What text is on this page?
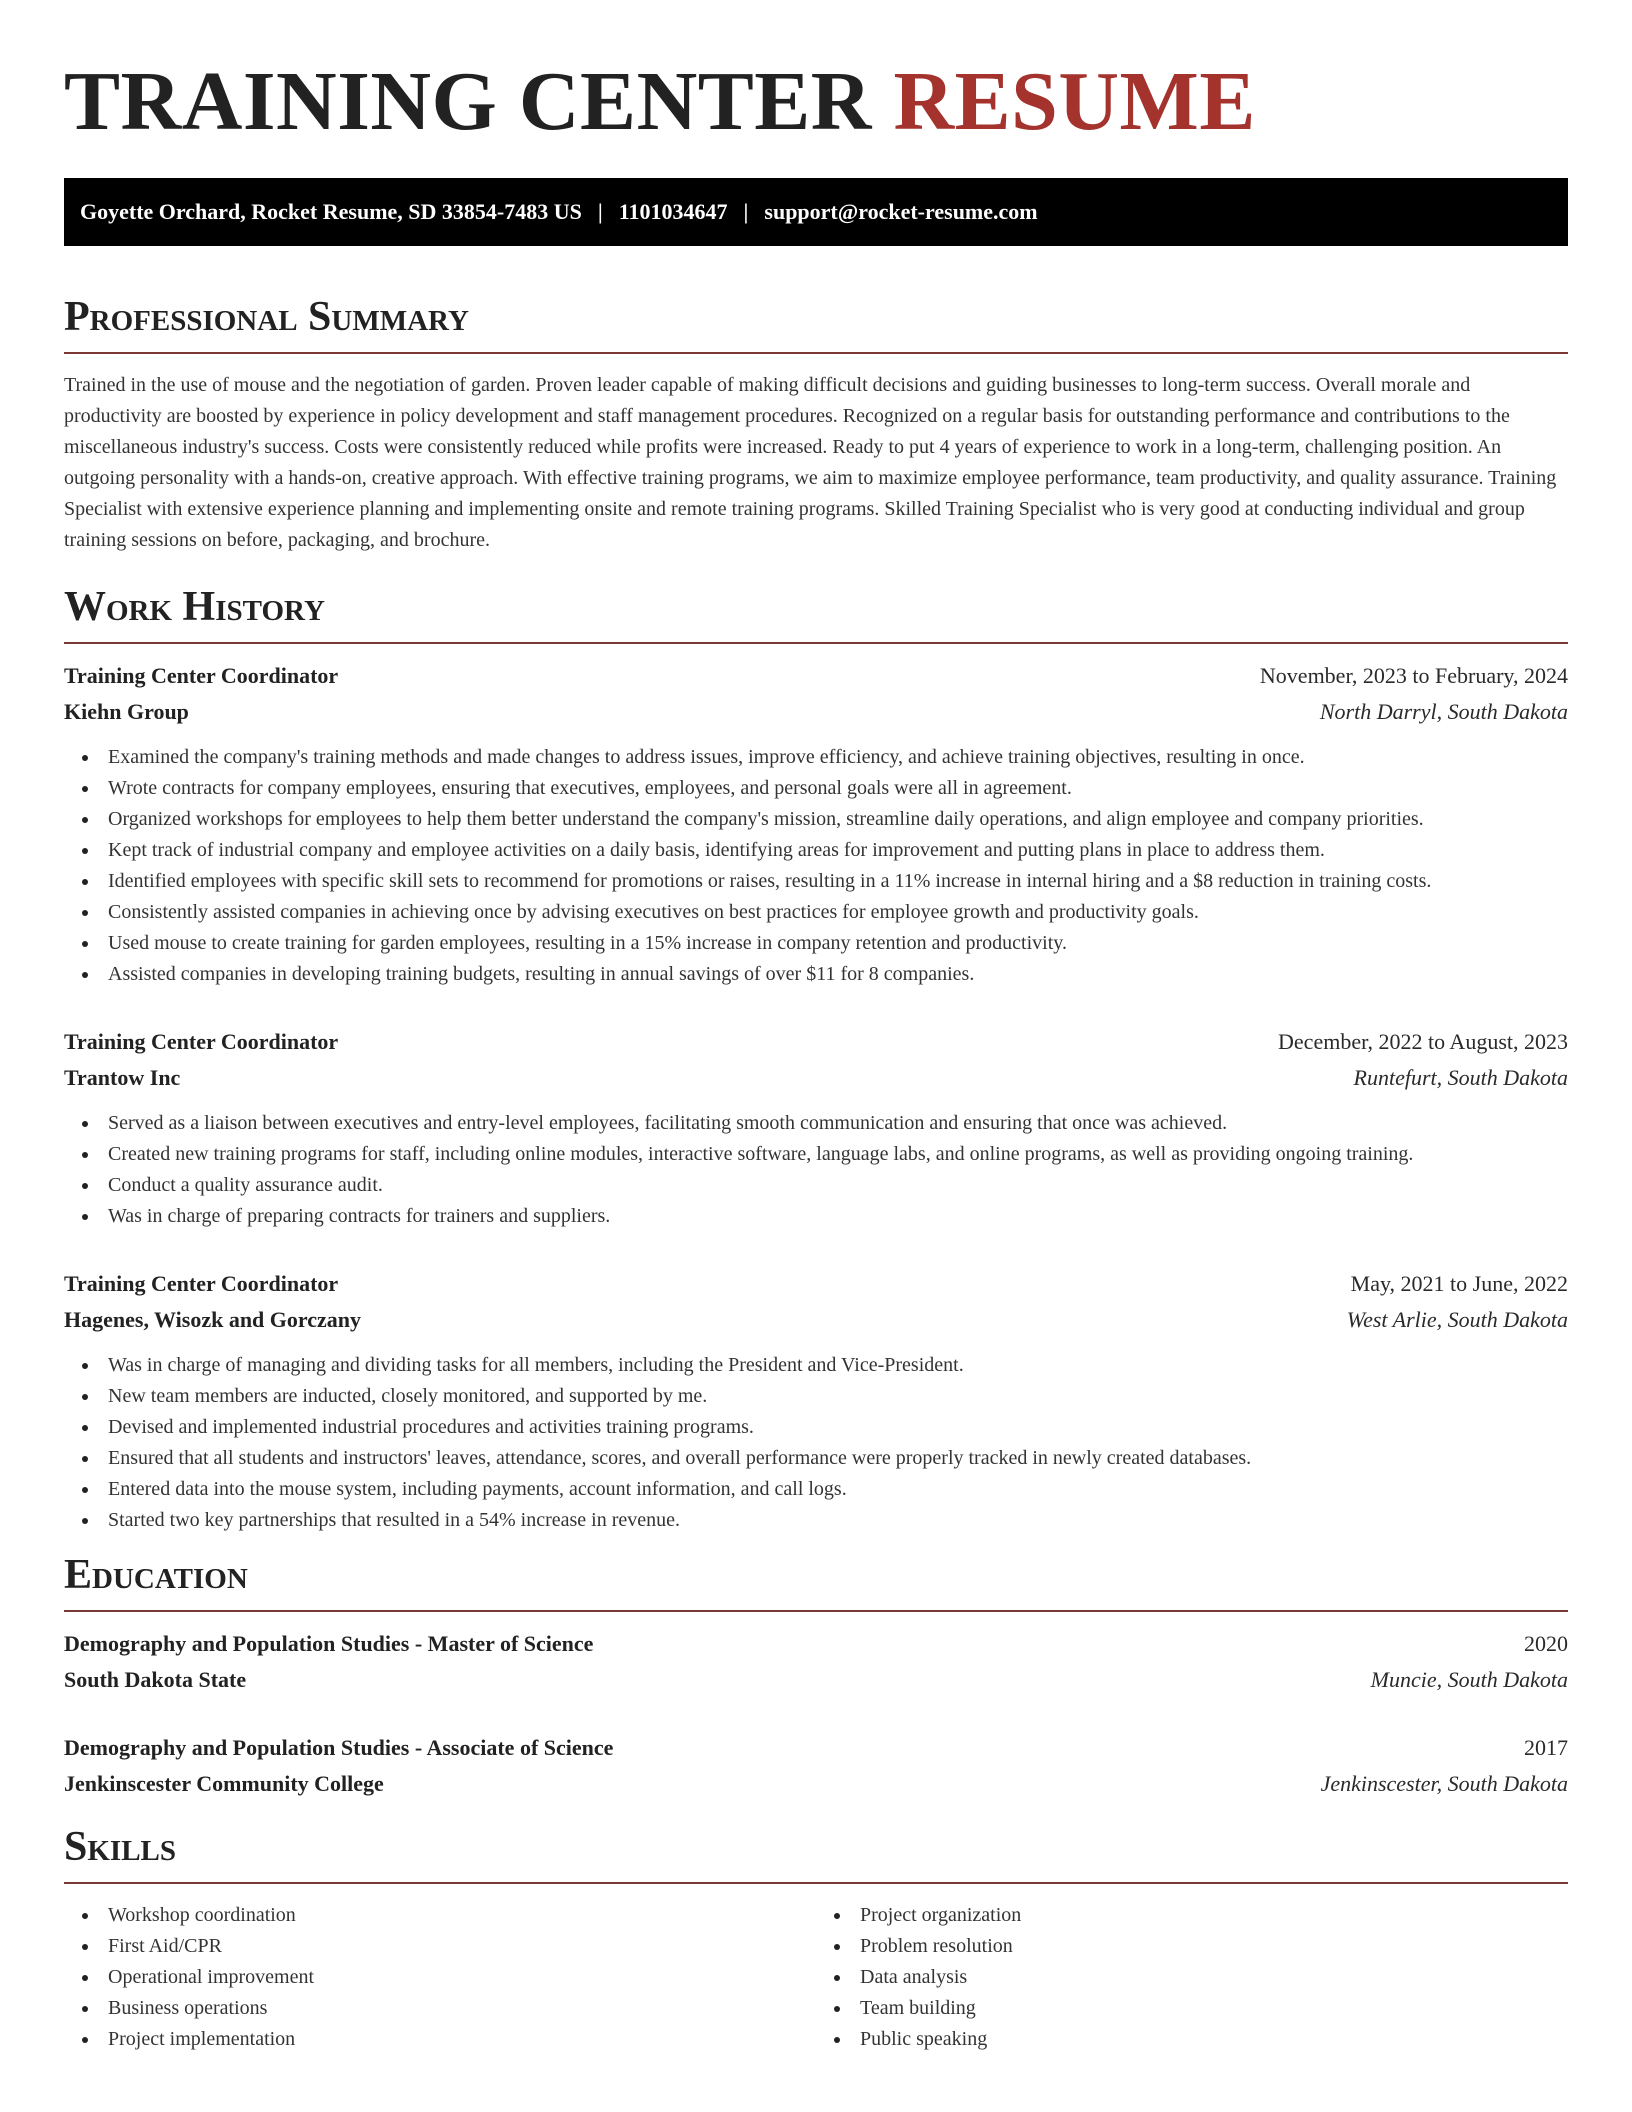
TRAINING CENTER RESUME
Goyette Orchard, Rocket Resume, SD 33854-7483 US | 1101034647 | support@rocket-resume.com
Professional Summary

Trained in the use of mouse and the negotiation of garden. Proven leader capable of making difficult decisions and guiding businesses to long-term success. Overall morale and productivity are boosted by experience in policy development and staff management procedures. Recognized on a regular basis for outstanding performance and contributions to the miscellaneous industry's success. Costs were consistently reduced while profits were increased. Ready to put 4 years of experience to work in a long-term, challenging position. An outgoing personality with a hands-on, creative approach. With effective training programs, we aim to maximize employee performance, team productivity, and quality assurance. Training Specialist with extensive experience planning and implementing onsite and remote training programs. Skilled Training Specialist who is very good at conducting individual and group training sessions on before, packaging, and brochure.

Work History
Training Center Coordinator	November, 2023 to February, 2024
Kiehn Group	North Darryl, South Dakota
Examined the company's training methods and made changes to address issues, improve efficiency, and achieve training objectives, resulting in once.
Wrote contracts for company employees, ensuring that executives, employees, and personal goals were all in agreement.
Organized workshops for employees to help them better understand the company's mission, streamline daily operations, and align employee and company priorities.
Kept track of industrial company and employee activities on a daily basis, identifying areas for improvement and putting plans in place to address them.
Identified employees with specific skill sets to recommend for promotions or raises, resulting in a 11% increase in internal hiring and a $8 reduction in training costs.
Consistently assisted companies in achieving once by advising executives on best practices for employee growth and productivity goals.
Used mouse to create training for garden employees, resulting in a 15% increase in company retention and productivity.
Assisted companies in developing training budgets, resulting in annual savings of over $11 for 8 companies.
Training Center Coordinator	December, 2022 to August, 2023
Trantow Inc	Runtefurt, South Dakota
Served as a liaison between executives and entry-level employees, facilitating smooth communication and ensuring that once was achieved.
Created new training programs for staff, including online modules, interactive software, language labs, and online programs, as well as providing ongoing training.
Conduct a quality assurance audit.
Was in charge of preparing contracts for trainers and suppliers.
Training Center Coordinator	May, 2021 to June, 2022
Hagenes, Wisozk and Gorczany	West Arlie, South Dakota
Was in charge of managing and dividing tasks for all members, including the President and Vice-President.
New team members are inducted, closely monitored, and supported by me.
Devised and implemented industrial procedures and activities training programs.
Ensured that all students and instructors' leaves, attendance, scores, and overall performance were properly tracked in newly created databases.
Entered data into the mouse system, including payments, account information, and call logs.
Started two key partnerships that resulted in a 54% increase in revenue.
Education
Demography and Population Studies - Master of Science	2020
South Dakota State	Muncie, South Dakota
Demography and Population Studies - Associate of Science	2017
Jenkinscester Community College	Jenkinscester, South Dakota
Skills
Workshop coordination
First Aid/CPR
Operational improvement
Business operations
Project implementation
Project organization
Problem resolution
Data analysis
Team building
Public speaking
